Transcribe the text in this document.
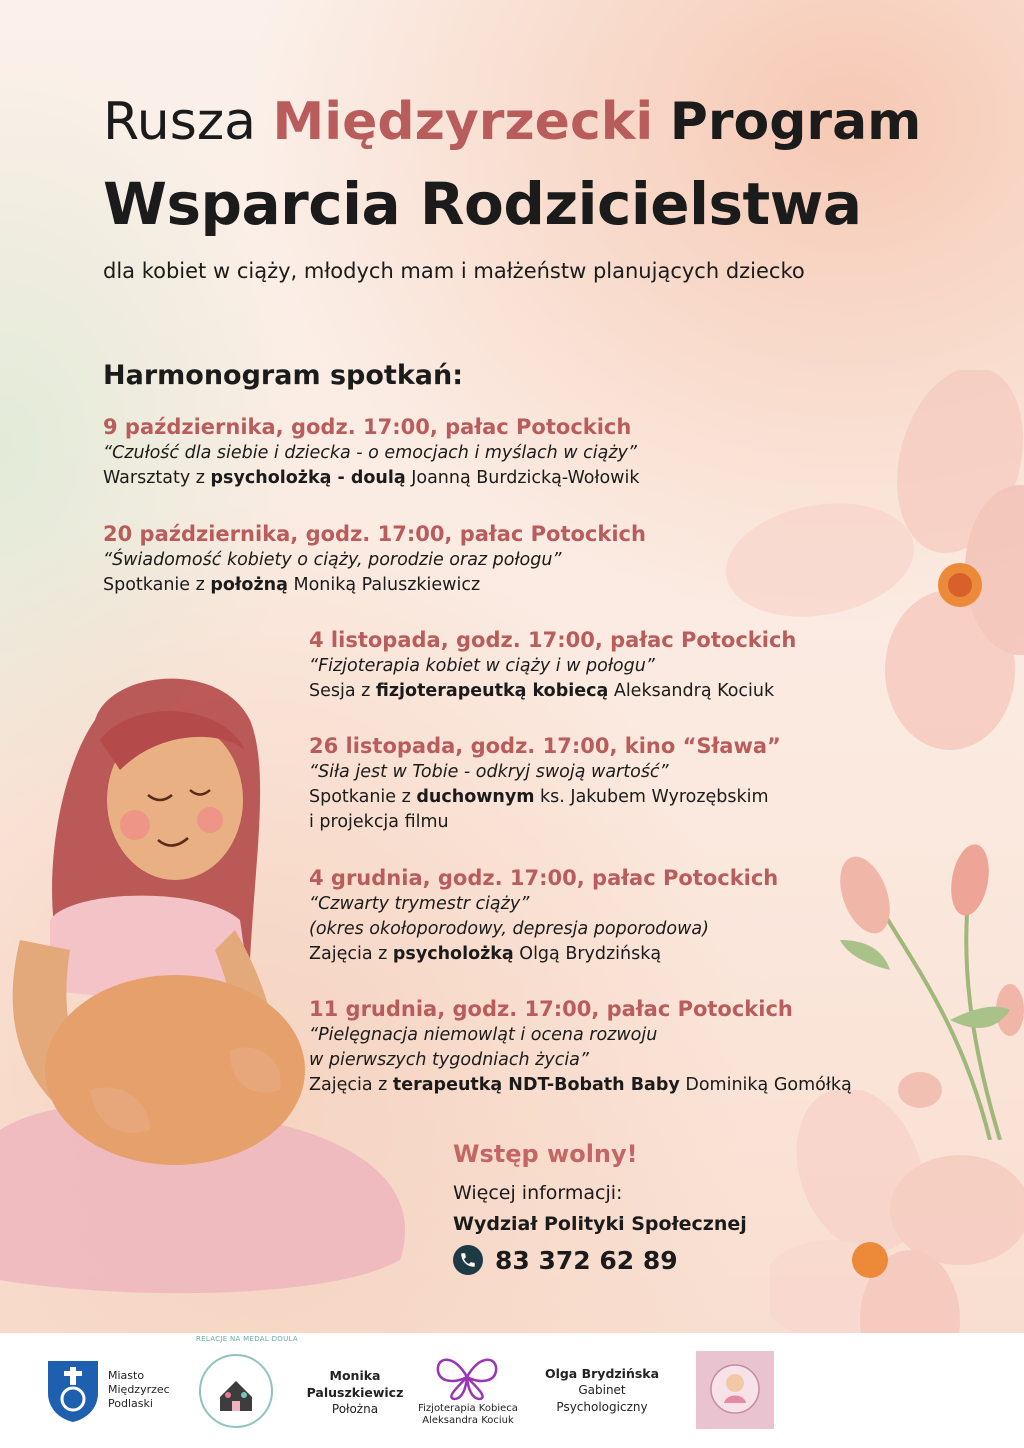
Rusza Międzyrzecki Program
Wsparcia Rodzicielstwa
dla kobiet w ciąży, młodych mam i małżeństw planujących dziecko
Harmonogram spotkań:
9 października, godz. 17:00, pałac Potockich
“Czułość dla siebie i dziecka - o emocjach i myślach w ciąży”
Warsztaty z psycholożką - doulą Joanną Burdzicką-Wołowik
20 października, godz. 17:00, pałac Potockich
“Świadomość kobiety o ciąży, porodzie oraz połogu”
Spotkanie z położną Moniką Paluszkiewicz
4 listopada, godz. 17:00, pałac Potockich
“Fizjoterapia kobiet w ciąży i w połogu”
Sesja z fizjoterapeutką kobiecą Aleksandrą Kociuk
26 listopada, godz. 17:00, kino “Sława”
“Siła jest w Tobie - odkryj swoją wartość”
Spotkanie z duchownym ks. Jakubem Wyrozębskim
i projekcja filmu
4 grudnia, godz. 17:00, pałac Potockich
“Czwarty trymestr ciąży”
(okres okołoporodowy, depresja poporodowa)
Zajęcia z psycholożką Olgą Brydzińską
11 grudnia, godz. 17:00, pałac Potockich
“Pielęgnacja niemowląt i ocena rozwoju
w pierwszych tygodniach życia”
Zajęcia z terapeutką NDT-Bobath Baby Dominiką Gomółką
Wstęp wolny!
Więcej informacji:
Wydział Polityki Społecznej
83 372 62 89
Miasto
Międzyrzec
Podlaski
RELACJE NA MEDAL DOULA
Monika
Paluszkiewicz
Położna	Fizjoterapia Kobieca
Aleksandra Kociuk
Olga Brydzińska
Gabinet
Psychologiczny
